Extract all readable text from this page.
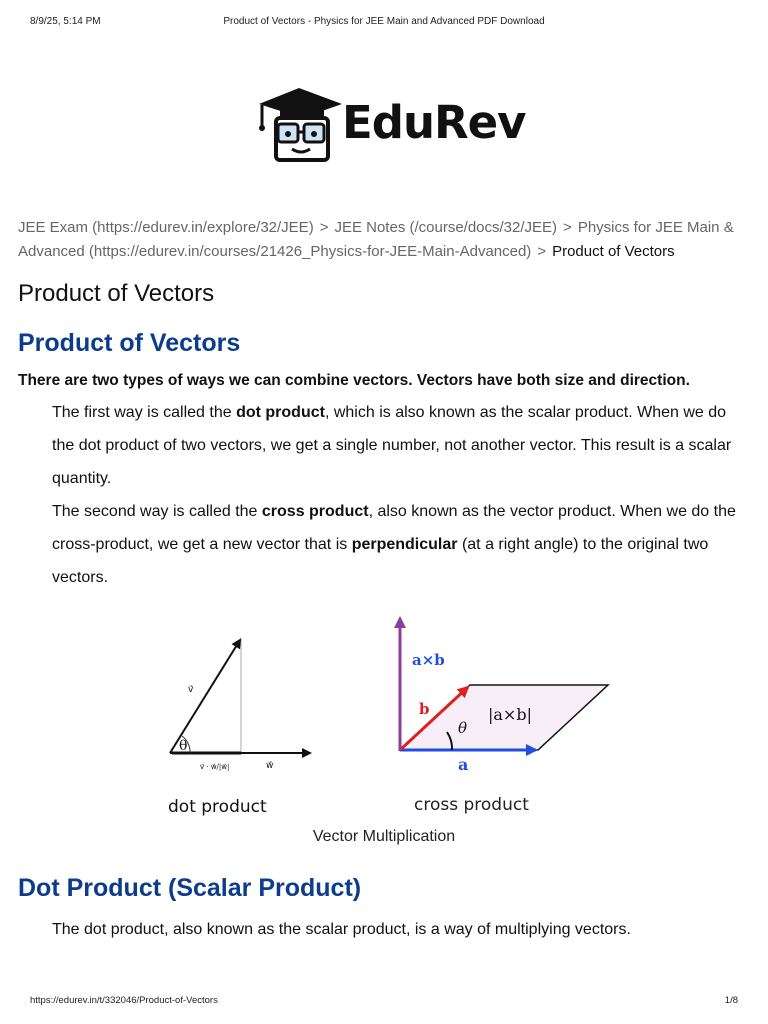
8/9/25, 5:14 PM	Product of Vectors - Physics for JEE Main and Advanced PDF Download
EduRev
JEE Exam (https://edurev.in/explore/32/JEE) > JEE Notes (/course/docs/32/JEE) > Physics for JEE Main & Advanced (https://edurev.in/courses/21426_Physics-for-JEE-Main-Advanced) > Product of Vectors
Product of Vectors
Product of Vectors
There are two types of ways we can combine vectors. Vectors have both size and direction.
The first way is called the dot product, which is also known as the scalar product. When we do the dot product of two vectors, we get a single number, not another vector. This result is a scalar quantity.
The second way is called the cross product, also known as the vector product. When we do the cross-product, we get a new vector that is perpendicular (at a right angle) to the original two vectors.
θ
v⃗
w⃗
v⃗ · w⃗/|w⃗|
a×b
b
θ
|a×b|
a
dot product	cross product
Vector Multiplication
Dot Product (Scalar Product)
The dot product, also known as the scalar product, is a way of multiplying vectors.
https://edurev.in/t/332046/Product-of-Vectors	1/8
